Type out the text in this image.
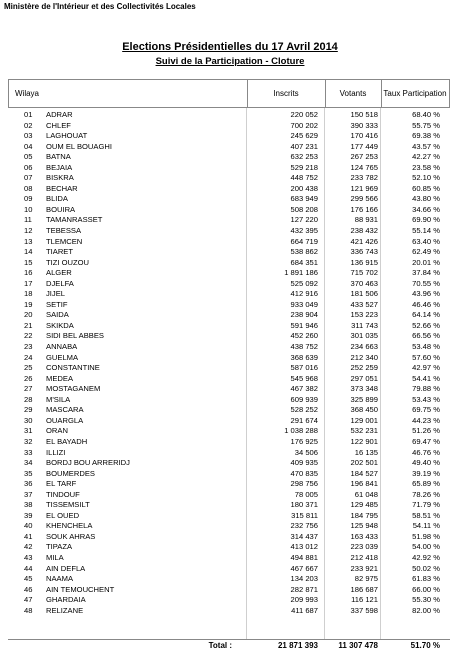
Ministère de l'Intérieur et des Collectivités Locales
Elections Présidentielles du 17 Avril 2014
Suivi de la Participation - Cloture
Wilaya	Inscrits	Votants	Taux Participation
01 ADRAR	220 052	150 518	68.40 %
02 CHLEF	700 202	390 333	55.75 %
03 LAGHOUAT	245 629	170 416	69.38 %
04 OUM EL BOUAGHI	407 231	177 449	43.57 %
05 BATNA	632 253	267 253	42.27 %
06 BEJAIA	529 218	124 765	23.58 %
07 BISKRA	448 752	233 782	52.10 %
08 BECHAR	200 438	121 969	60.85 %
09 BLIDA	683 949	299 566	43.80 %
10 BOUIRA	508 208	176 166	34.66 %
11 TAMANRASSET	127 220	88 931	69.90 %
12 TEBESSA	432 395	238 432	55.14 %
13 TLEMCEN	664 719	421 426	63.40 %
14 TIARET	538 862	336 743	62.49 %
15 TIZI OUZOU	684 351	136 915	20.01 %
16 ALGER	1 891 186	715 702	37.84 %
17 DJELFA	525 092	370 463	70.55 %
18 JIJEL	412 916	181 506	43.96 %
19 SETIF	933 049	433 527	46.46 %
20 SAIDA	238 904	153 223	64.14 %
21 SKIKDA	591 946	311 743	52.66 %
22 SIDI BEL ABBES	452 260	301 035	66.56 %
23 ANNABA	438 752	234 663	53.48 %
24 GUELMA	368 639	212 340	57.60 %
25 CONSTANTINE	587 016	252 259	42.97 %
26 MEDEA	545 968	297 051	54.41 %
27 MOSTAGANEM	467 382	373 348	79.88 %
28 M'SILA	609 939	325 899	53.43 %
29 MASCARA	528 252	368 450	69.75 %
30 OUARGLA	291 674	129 001	44.23 %
31 ORAN	1 038 288	532 231	51.26 %
32 EL BAYADH	176 925	122 901	69.47 %
33 ILLIZI	34 506	16 135	46.76 %
34 BORDJ BOU ARRERIDJ	409 935	202 501	49.40 %
35 BOUMERDES	470 835	184 527	39.19 %
36 EL TARF	298 756	196 841	65.89 %
37 TINDOUF	78 005	61 048	78.26 %
38 TISSEMSILT	180 371	129 485	71.79 %
39 EL OUED	315 811	184 795	58.51 %
40 KHENCHELA	232 756	125 948	54.11 %
41 SOUK AHRAS	314 437	163 433	51.98 %
42 TIPAZA	413 012	223 039	54.00 %
43 MILA	494 881	212 418	42.92 %
44 AIN DEFLA	467 667	233 921	50.02 %
45 NAAMA	134 203	82 975	61.83 %
46 AIN TEMOUCHENT	282 871	186 687	66.00 %
47 GHARDAIA	209 993	116 121	55.30 %
48 RELIZANE	411 687	337 598	82.00 %
Total :	21 871 393	11 307 478	51.70 %
